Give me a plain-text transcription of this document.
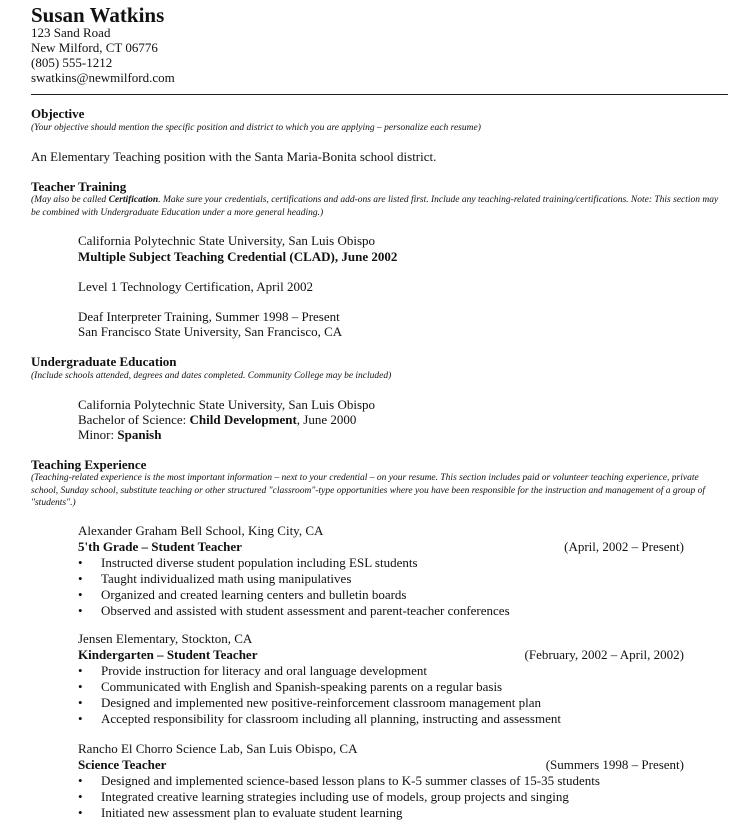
Susan Watkins
123 Sand Road
New Milford, CT 06776
(805) 555-1212
swatkins@newmilford.com
Objective
(Your objective should mention the specific position and district to which you are applying – personalize each resume)
An Elementary Teaching position with the Santa Maria-Bonita school district.
Teacher Training
(May also be called Certification. Make sure your credentials, certifications and add-ons are listed first. Include any teaching-related training/certifications. Note: This section may be combined with Undergraduate Education under a more general heading.)
California Polytechnic State University, San Luis Obispo
Multiple Subject Teaching Credential (CLAD), June 2002
Level 1 Technology Certification, April 2002
Deaf Interpreter Training, Summer 1998 – Present
San Francisco State University, San Francisco, CA
Undergraduate Education
(Include schools attended, degrees and dates completed. Community College may be included)
California Polytechnic State University, San Luis Obispo
Bachelor of Science: Child Development, June 2000
Minor: Spanish
Teaching Experience
(Teaching-related experience is the most important information – next to your credential – on your resume. This section includes paid or volunteer teaching experience, private school, Sunday school, substitute teaching or other structured "classroom"-type opportunities where you have been responsible for the instruction and management of a group of "students".)
Alexander Graham Bell School, King City, CA
5'th Grade – Student Teacher	(April, 2002 – Present)
• Instructed diverse student population including ESL students
• Taught individualized math using manipulatives
• Organized and created learning centers and bulletin boards
• Observed and assisted with student assessment and parent-teacher conferences
Jensen Elementary, Stockton, CA
Kindergarten – Student Teacher	(February, 2002 – April, 2002)
• Provide instruction for literacy and oral language development
• Communicated with English and Spanish-speaking parents on a regular basis
• Designed and implemented new positive-reinforcement classroom management plan
• Accepted responsibility for classroom including all planning, instructing and assessment
Rancho El Chorro Science Lab, San Luis Obispo, CA
Science Teacher	(Summers 1998 – Present)
• Designed and implemented science-based lesson plans to K-5 summer classes of 15-35 students
• Integrated creative learning strategies including use of models, group projects and singing
• Initiated new assessment plan to evaluate student learning
